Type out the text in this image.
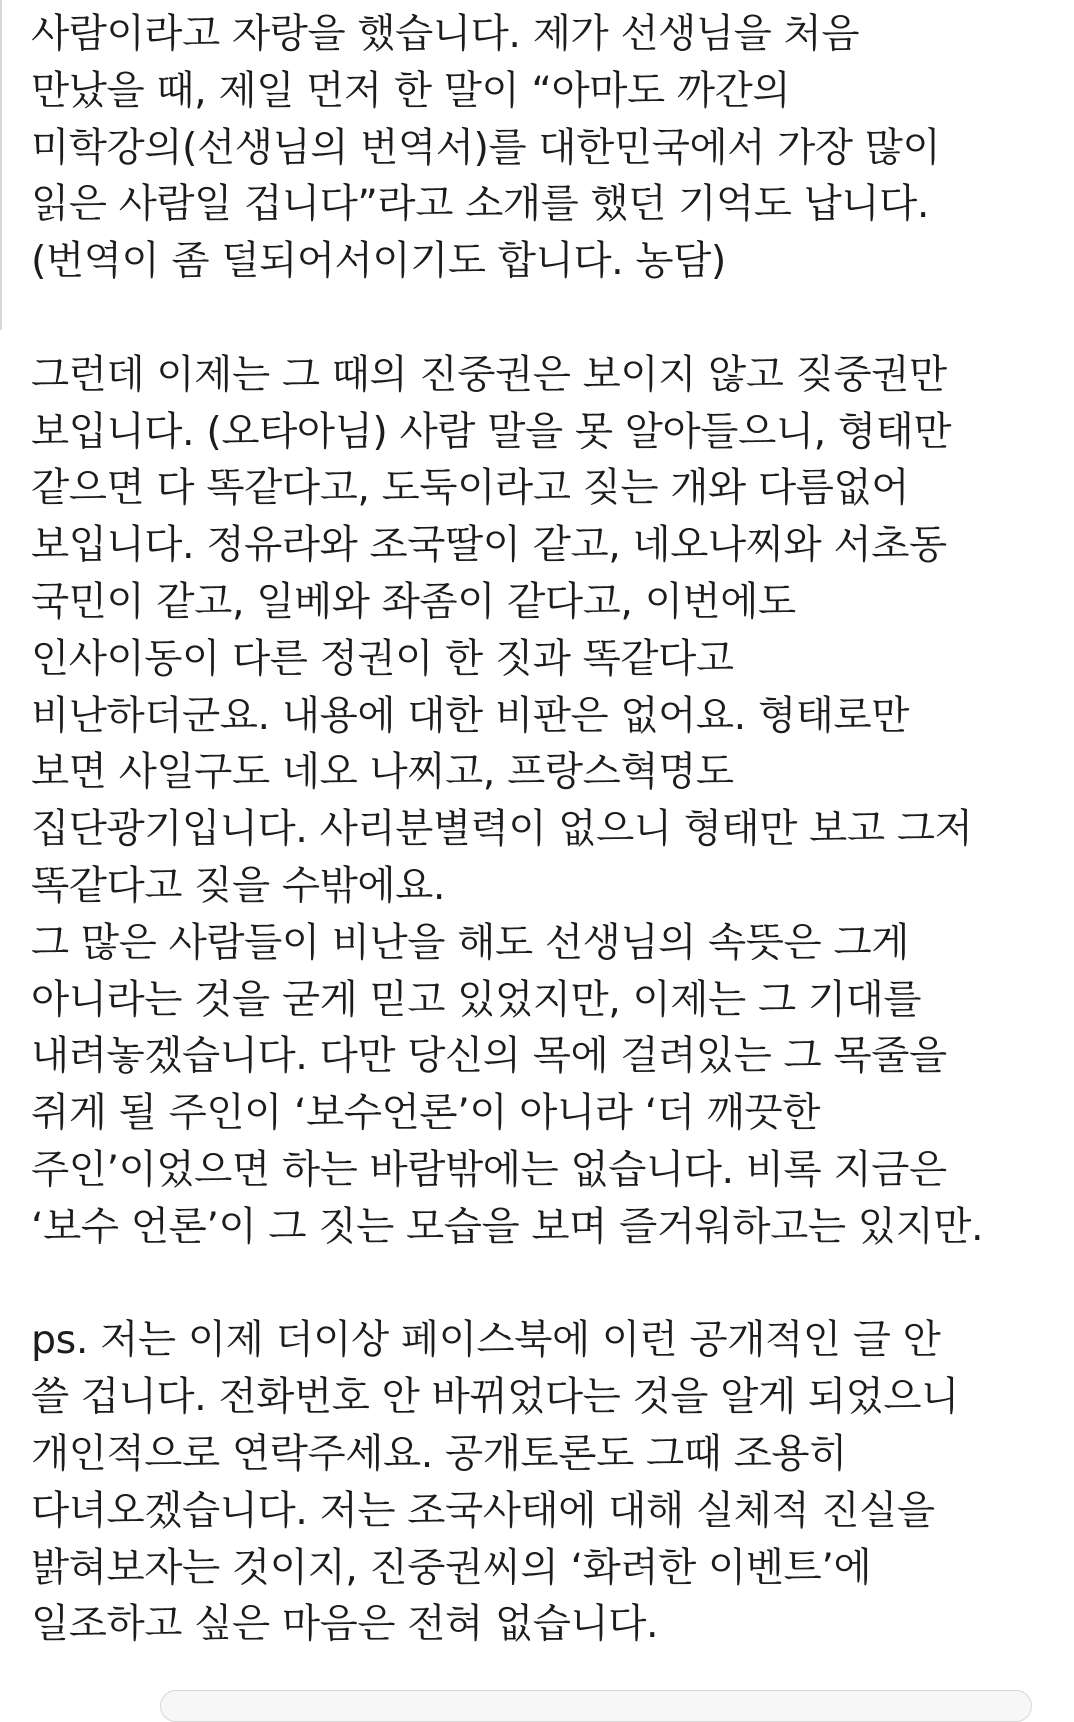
사람이라고 자랑을 했습니다. 제가 선생님을 처음
만났을 때, 제일 먼저 한 말이 “아마도 까간의
미학강의(선생님의 번역서)를 대한민국에서 가장 많이
읽은 사람일 겁니다”라고 소개를 했던 기억도 납니다.
(번역이 좀 덜되어서이기도 합니다. 농담)
그런데 이제는 그 때의 진중권은 보이지 않고 짖중권만
보입니다. (오타아님) 사람 말을 못 알아들으니, 형태만
같으면 다 똑같다고, 도둑이라고 짖는 개와 다름없어
보입니다. 정유라와 조국딸이 같고, 네오나찌와 서초동
국민이 같고, 일베와 좌좀이 같다고, 이번에도
인사이동이 다른 정권이 한 짓과 똑같다고
비난하더군요. 내용에 대한 비판은 없어요. 형태로만
보면 사일구도 네오 나찌고, 프랑스혁명도
집단광기입니다. 사리분별력이 없으니 형태만 보고 그저
똑같다고 짖을 수밖에요.
그 많은 사람들이 비난을 해도 선생님의 속뜻은 그게
아니라는 것을 굳게 믿고 있었지만, 이제는 그 기대를
내려놓겠습니다. 다만 당신의 목에 걸려있는 그 목줄을
쥐게 될 주인이 ‘보수언론’이 아니라 ‘더 깨끗한
주인’이었으면 하는 바람밖에는 없습니다. 비록 지금은
‘보수 언론’이 그 짓는 모습을 보며 즐거워하고는 있지만.
ps. 저는 이제 더이상 페이스북에 이런 공개적인 글 안
쓸 겁니다. 전화번호 안 바뀌었다는 것을 알게 되었으니
개인적으로 연락주세요. 공개토론도 그때 조용히
다녀오겠습니다. 저는 조국사태에 대해 실체적 진실을
밝혀보자는 것이지, 진중권씨의 ‘화려한 이벤트’에
일조하고 싶은 마음은 전혀 없습니다.
